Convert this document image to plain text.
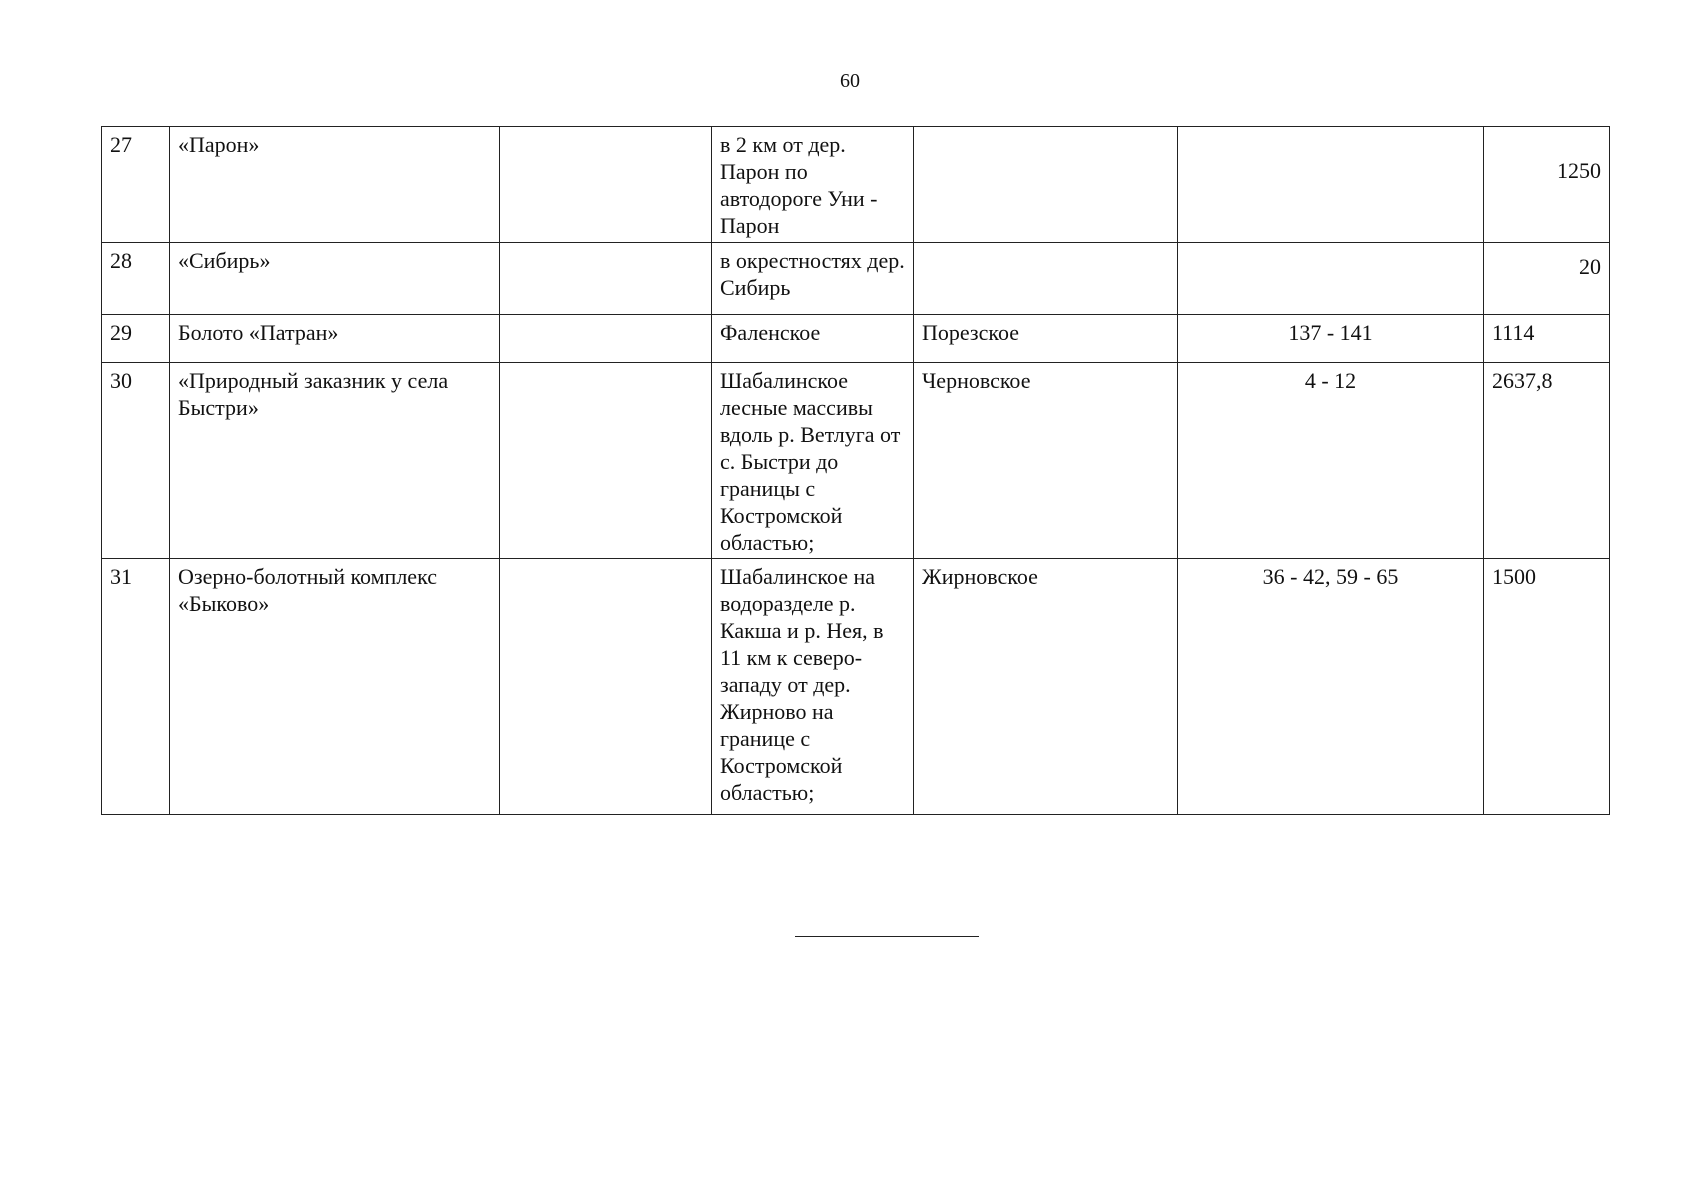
60
27	«Парон»		в 2 км от дер. Парон по автодороге Уни - Парон			1250
28	«Сибирь»		в окрестностях дер. Сибирь			20
29	Болото «Патран»		Фаленское	Порезское	137 - 141	1114
30	«Природный заказник у села Быстри»		Шабалинское лесные массивы вдоль р. Ветлуга от с. Быстри до границы с Костромской областью;	Черновское	4 - 12	2637,8
31	Озерно-болотный комплекс «Быково»		Шабалинское на водоразделе р. Какша и р. Нея, в 11 км к северо-западу от дер. Жирново на границе с Костромской областью;	Жирновское	36 - 42, 59 - 65	1500
